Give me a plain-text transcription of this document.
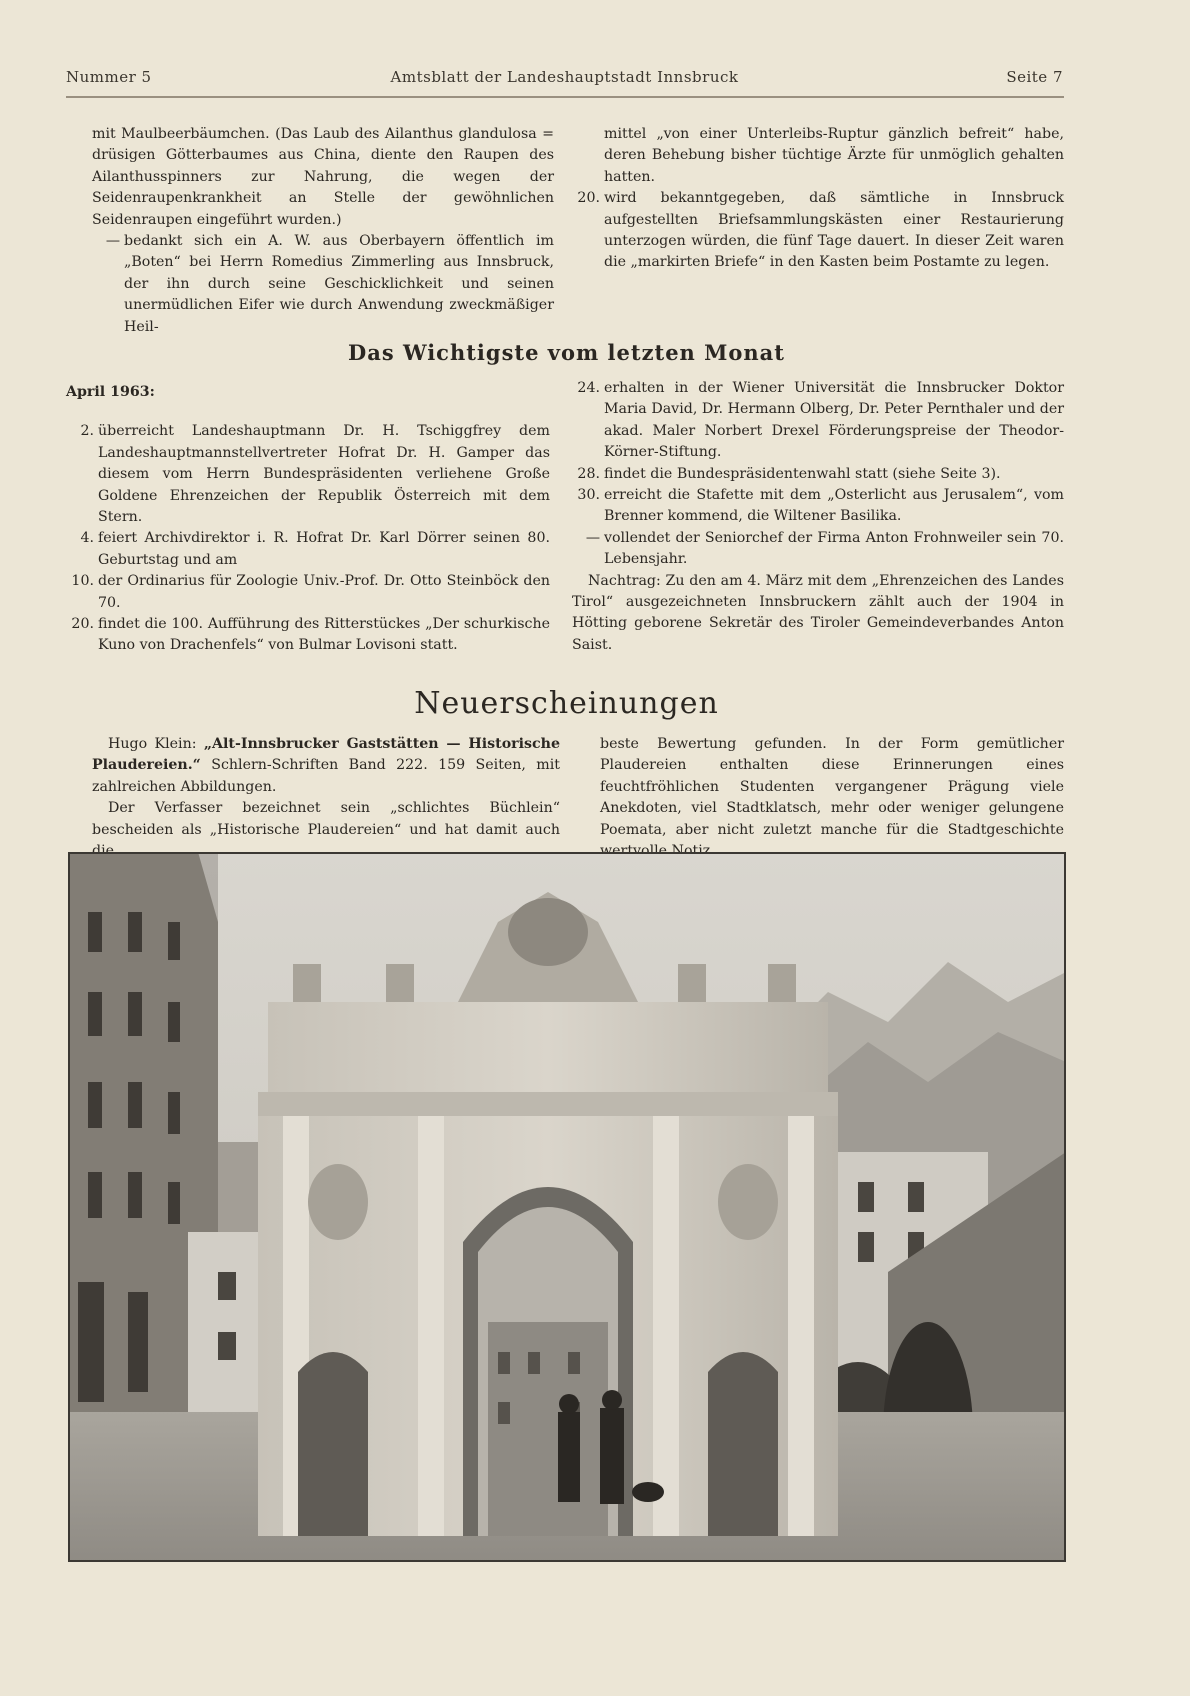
Nummer 5	Amtsblatt der Landeshauptstadt Innsbruck	Seite 7

mit Maulbeerbäumchen. (Das Laub des Ailanthus glandulosa = drüsigen Götterbaumes aus China, diente den Raupen des Ailanthusspinners zur Nahrung, die wegen der Seidenraupenkrankheit an Stelle der gewöhnlichen Seidenraupen eingeführt wurden.)

— bedankt sich ein A. W. aus Oberbayern öffentlich im „Boten“ bei Herrn Romedius Zimmerling aus Innsbruck, der ihn durch seine Geschicklichkeit und seinen unermüdlichen Eifer wie durch Anwendung zweckmäßiger Heil-

mittel „von einer Unterleibs-Ruptur gänzlich befreit“ habe, deren Behebung bisher tüchtige Ärzte für unmöglich gehalten hatten.

20. wird bekanntgegeben, daß sämtliche in Innsbruck aufgestellten Briefsammlungskästen einer Restaurierung unterzogen würden, die fünf Tage dauert. In dieser Zeit waren die „markirten Briefe“ in den Kasten beim Postamte zu legen.

Das Wichtigste vom letzten Monat

April 1963:

2. überreicht Landeshauptmann Dr. H. Tschiggfrey dem Landeshauptmannstellvertreter Hofrat Dr. H. Gamper das diesem vom Herrn Bundespräsidenten verliehene Große Goldene Ehrenzeichen der Republik Österreich mit dem Stern.

4. feiert Archivdirektor i. R. Hofrat Dr. Karl Dörrer seinen 80. Geburtstag und am

10. der Ordinarius für Zoologie Univ.-Prof. Dr. Otto Steinböck den 70.

20. findet die 100. Aufführung des Ritterstückes „Der schurkische Kuno von Drachenfels“ von Bulmar Lovisoni statt.

24. erhalten in der Wiener Universität die Innsbrucker Doktor Maria David, Dr. Hermann Olberg, Dr. Peter Pernthaler und der akad. Maler Norbert Drexel Förderungspreise der Theodor-Körner-Stiftung.

28. findet die Bundespräsidentenwahl statt (siehe Seite 3).

30. erreicht die Stafette mit dem „Osterlicht aus Jerusalem“, vom Brenner kommend, die Wiltener Basilika.

— vollendet der Seniorchef der Firma Anton Frohnweiler sein 70. Lebensjahr.

Nachtrag: Zu den am 4. März mit dem „Ehrenzeichen des Landes Tirol“ ausgezeichneten Innsbruckern zählt auch der 1904 in Hötting geborene Sekretär des Tiroler Gemeindeverbandes Anton Saist.

Neuerscheinungen

Hugo Klein: „Alt-Innsbrucker Gaststätten — Historische Plaudereien.“ Schlern-Schriften Band 222. 159 Seiten, mit zahlreichen Abbildungen.

Der Verfasser bezeichnet sein „schlichtes Büchlein“ bescheiden als „Historische Plaudereien“ und hat damit auch

beste Bewertung gefunden. In der Form gemütlicher Plaudereien enthalten diese Erinnerungen eines feuchtfröhlichen Studenten vergangener Prägung viele Anekdoten, viel Stadtklatsch, mehr oder weniger gelungene Poemata, aber nicht zuletzt manche für die Stadtgeschichte
